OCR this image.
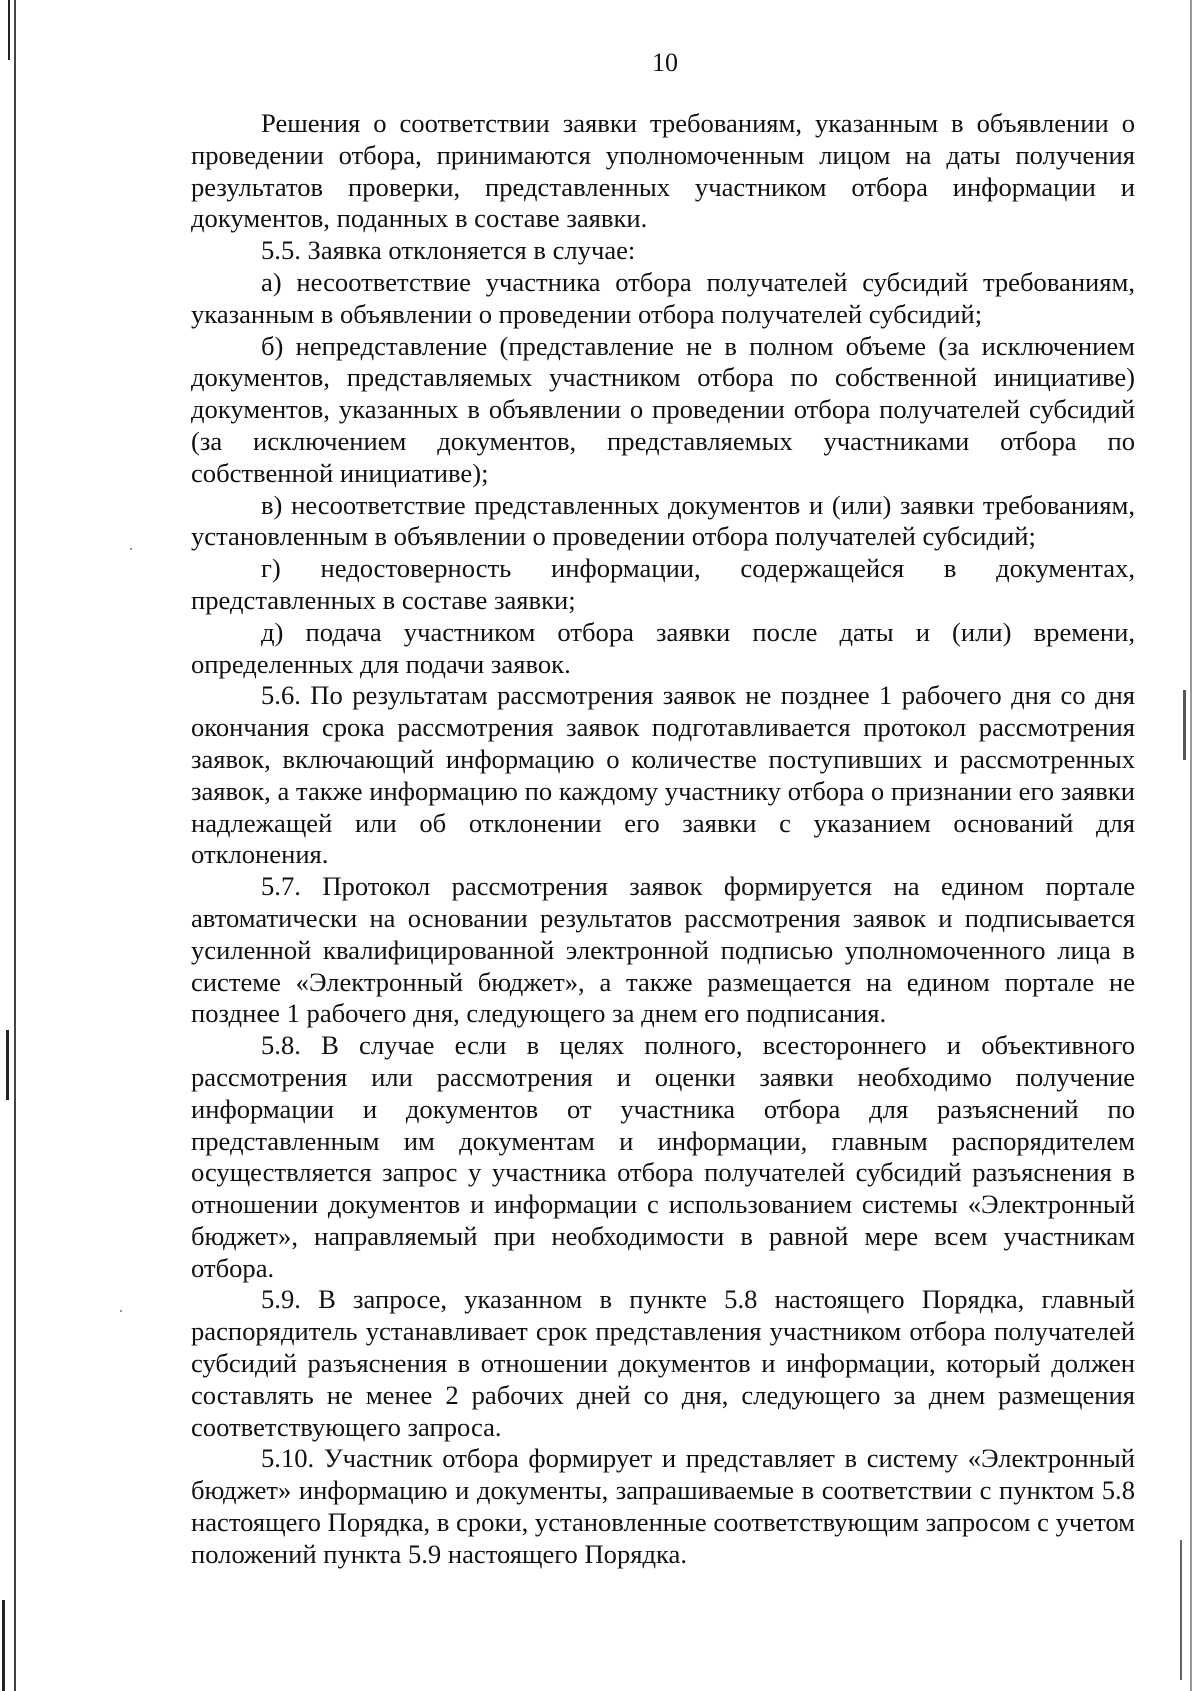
10

Решения о соответствии заявки требованиям, указанным в объявлении о проведении отбора, принимаются уполномоченным лицом на даты получения результатов проверки, представленных участником отбора информации и документов, поданных в составе заявки.

5.5. Заявка отклоняется в случае:

а) несоответствие участника отбора получателей субсидий требованиям, указанным в объявлении о проведении отбора получателей субсидий;

б) непредставление (представление не в полном объеме (за исключением документов, представляемых участником отбора по собственной инициативе) документов, указанных в объявлении о проведении отбора получателей субсидий (за исключением документов, представляемых участниками отбора по собственной инициативе);

в) несоответствие представленных документов и (или) заявки требованиям, установленным в объявлении о проведении отбора получателей субсидий;

г) недостоверность информации, содержащейся в документах, представленных в составе заявки;

д) подача участником отбора заявки после даты и (или) времени, определенных для подачи заявок.

5.6. По результатам рассмотрения заявок не позднее 1 рабочего дня со дня окончания срока рассмотрения заявок подготавливается протокол рассмотрения заявок, включающий информацию о количестве поступивших и рассмотренных заявок, а также информацию по каждому участнику отбора о признании его заявки надлежащей или об отклонении его заявки с указанием оснований для отклонения.

5.7. Протокол рассмотрения заявок формируется на едином портале автоматически на основании результатов рассмотрения заявок и подписывается усиленной квалифицированной электронной подписью уполномоченного лица в системе «Электронный бюджет», а также размещается на едином портале не позднее 1 рабочего дня, следующего за днем его подписания.

5.8. В случае если в целях полного, всестороннего и объективного рассмотрения или рассмотрения и оценки заявки необходимо получение информации и документов от участника отбора для разъяснений по представленным им документам и информации, главным распорядителем осуществляется запрос у участника отбора получателей субсидий разъяснения в отношении документов и информации с использованием системы «Электронный бюджет», направляемый при необходимости в равной мере всем участникам отбора.

5.9. В запросе, указанном в пункте 5.8 настоящего Порядка, главный распорядитель устанавливает срок представления участником отбора получателей субсидий разъяснения в отношении документов и информации, который должен составлять не менее 2 рабочих дней со дня, следующего за днем размещения соответствующего запроса.

5.10. Участник отбора формирует и представляет в систему «Электронный бюджет» информацию и документы, запрашиваемые в соответствии с пунктом 5.8 настоящего Порядка, в сроки, установленные соответствующим запросом с учетом положений пункта 5.9 настоящего Порядка.
